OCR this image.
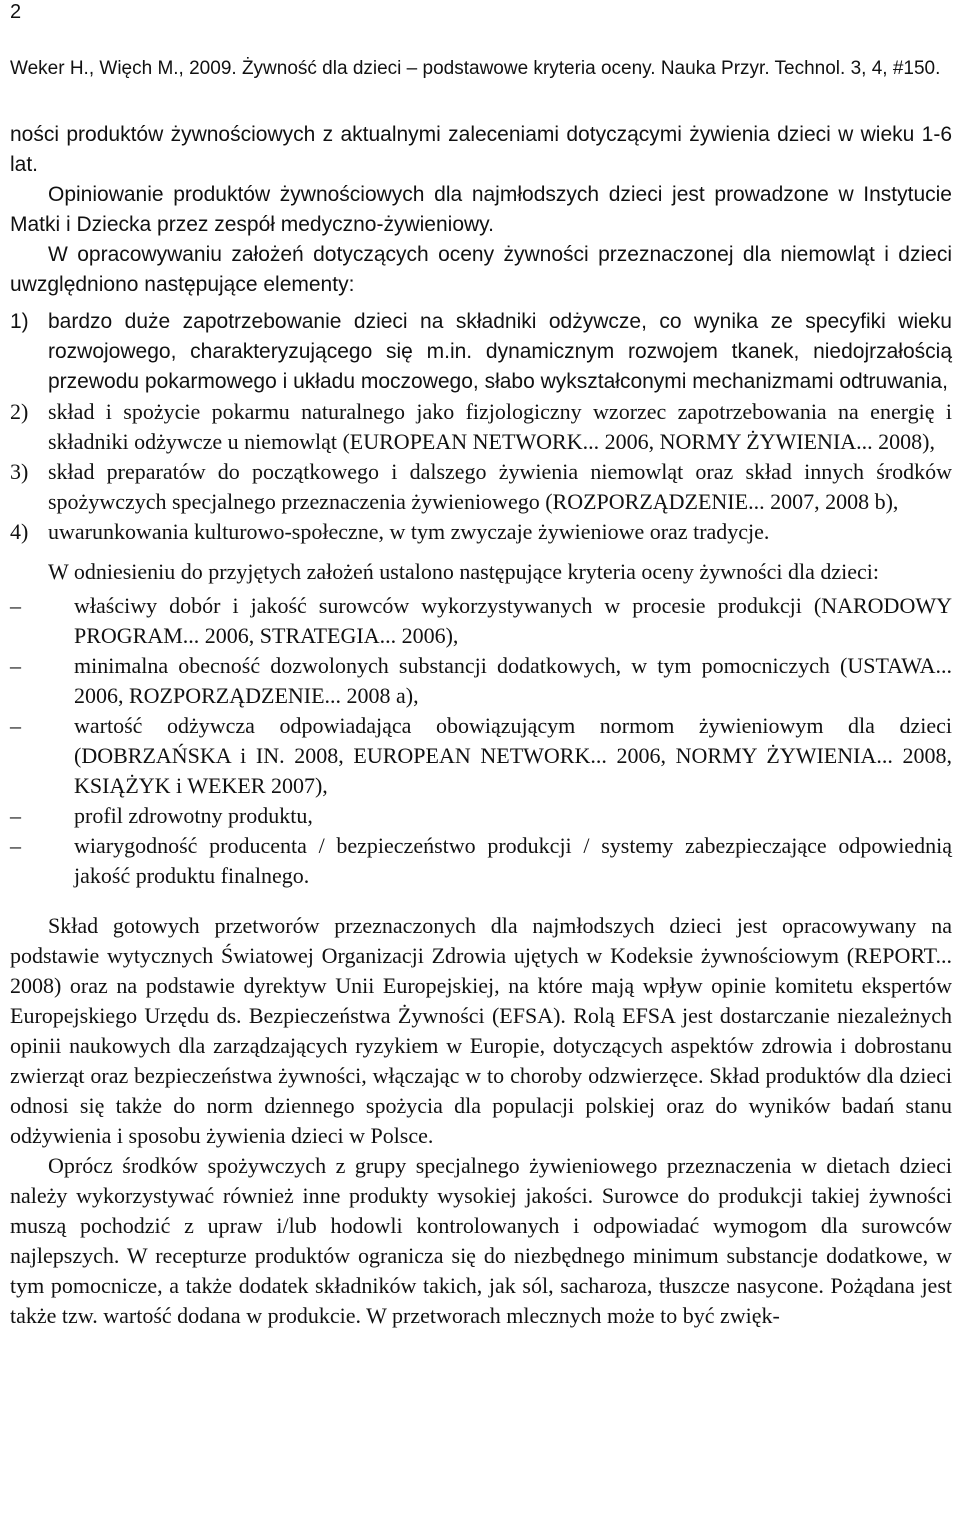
2
Weker H., Więch M., 2009. Żywność dla dzieci – podstawowe kryteria oceny. Nauka Przyr. Technol. 3, 4, #150.

ności produktów żywnościowych z aktualnymi zaleceniami dotyczącymi żywienia dzieci w wieku 1-6 lat.

Opiniowanie produktów żywnościowych dla najmłodszych dzieci jest prowadzone w Instytucie Matki i Dziecka przez zespół medyczno-żywieniowy.

W opracowywaniu założeń dotyczących oceny żywności przeznaczonej dla niemowląt i dzieci uwzględniono następujące elementy:

1) bardzo duże zapotrzebowanie dzieci na składniki odżywcze, co wynika ze specyfiki wieku rozwojowego, charakteryzującego się m.in. dynamicznym rozwojem tkanek, niedojrzałością przewodu pokarmowego i układu moczowego, słabo wykształconymi mechanizmami odtruwania,
2) skład i spożycie pokarmu naturalnego jako fizjologiczny wzorzec zapotrzebowania na energię i składniki odżywcze u niemowląt (EUROPEAN NETWORK... 2006, NORMY ŻYWIENIA... 2008),
3) skład preparatów do początkowego i dalszego żywienia niemowląt oraz skład innych środków spożywczych specjalnego przeznaczenia żywieniowego (ROZPORZĄDZENIE... 2007, 2008 b),
4) uwarunkowania kulturowo-społeczne, w tym zwyczaje żywieniowe oraz tradycje.

W odniesieniu do przyjętych założeń ustalono następujące kryteria oceny żywności dla dzieci:

–	właściwy dobór i jakość surowców wykorzystywanych w procesie produkcji (NARODOWY PROGRAM... 2006, STRATEGIA... 2006),
–	minimalna obecność dozwolonych substancji dodatkowych, w tym pomocniczych (USTAWA... 2006, ROZPORZĄDZENIE... 2008 a),
–	wartość odżywcza odpowiadająca obowiązującym normom żywieniowym dla dzieci (DOBRZAŃSKA i IN. 2008, EUROPEAN NETWORK... 2006, NORMY ŻYWIENIA... 2008, KSIĄŻYK i WEKER 2007),
–	profil zdrowotny produktu,
–	wiarygodność producenta / bezpieczeństwo produkcji / systemy zabezpieczające odpowiednią jakość produktu finalnego.

Skład gotowych przetworów przeznaczonych dla najmłodszych dzieci jest opracowywany na podstawie wytycznych Światowej Organizacji Zdrowia ujętych w Kodeksie żywnościowym (REPORT... 2008) oraz na podstawie dyrektyw Unii Europejskiej, na które mają wpływ opinie komitetu ekspertów Europejskiego Urzędu ds. Bezpieczeństwa Żywności (EFSA). Rolą EFSA jest dostarczanie niezależnych opinii naukowych dla zarządzających ryzykiem w Europie, dotyczących aspektów zdrowia i dobrostanu zwierząt oraz bezpieczeństwa żywności, włączając w to choroby odzwierzęce. Skład produktów dla dzieci odnosi się także do norm dziennego spożycia dla populacji polskiej oraz do wyników badań stanu odżywienia i sposobu żywienia dzieci w Polsce.

Oprócz środków spożywczych z grupy specjalnego żywieniowego przeznaczenia w dietach dzieci należy wykorzystywać również inne produkty wysokiej jakości. Surowce do produkcji takiej żywności muszą pochodzić z upraw i/lub hodowli kontrolowanych i odpowiadać wymogom dla surowców najlepszych. W recepturze produktów ogranicza się do niezbędnego minimum substancje dodatkowe, w tym pomocnicze, a także dodatek składników takich, jak sól, sacharoza, tłuszcze nasycone. Pożądana jest także tzw. wartość dodana w produkcie. W przetworach mlecznych może to być zwięk-
